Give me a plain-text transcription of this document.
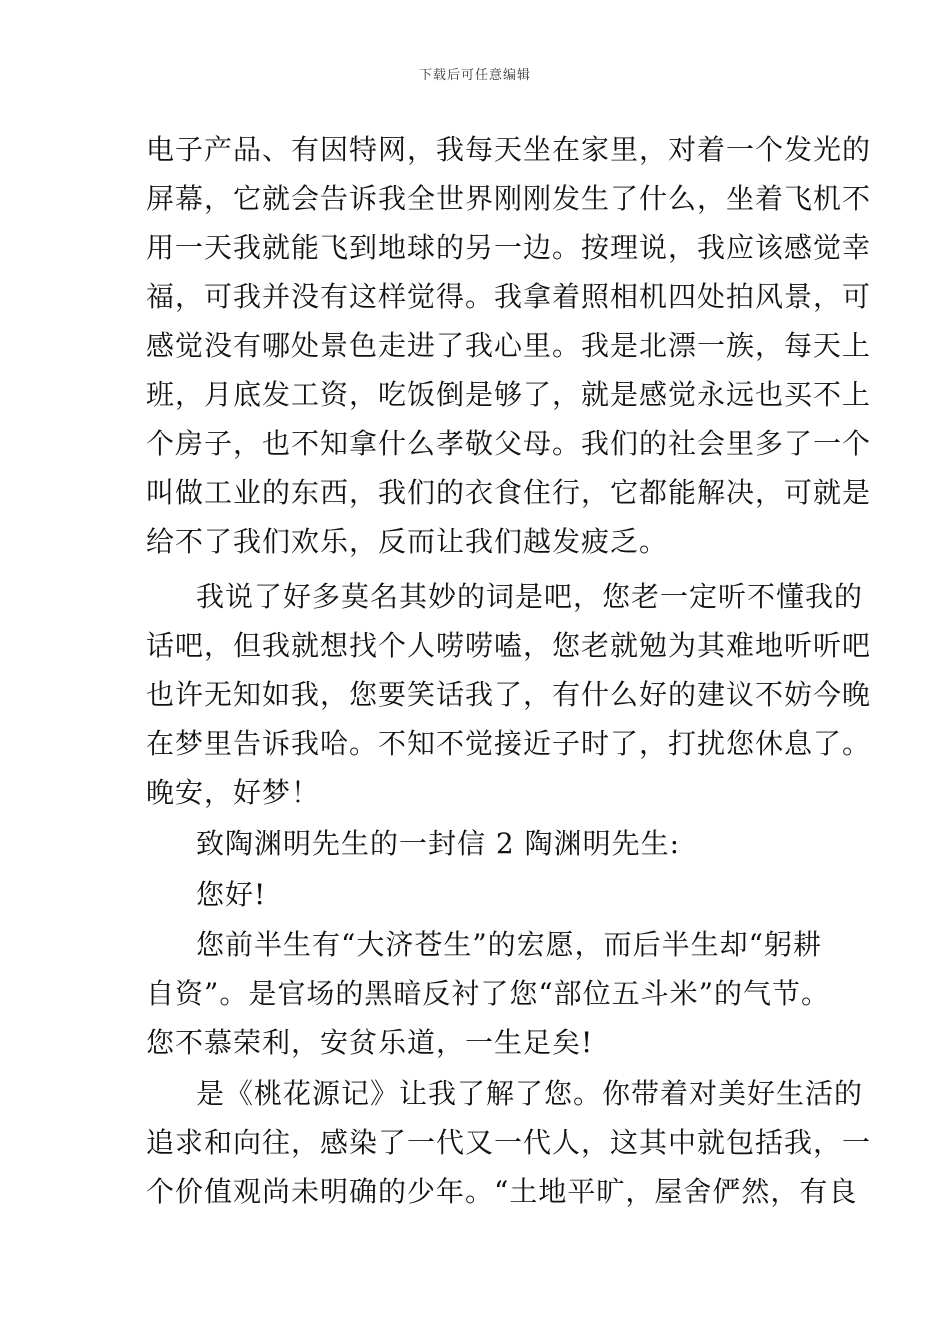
下载后可任意编辑

电子产品、有因特网，我每天坐在家里，对着一个发光的

屏幕，它就会告诉我全世界刚刚发生了什么，坐着飞机不

用一天我就能飞到地球的另一边。按理说，我应该感觉幸

福，可我并没有这样觉得。我拿着照相机四处拍风景，可

感觉没有哪处景色走进了我心里。我是北漂一族，每天上

班，月底发工资，吃饭倒是够了，就是感觉永远也买不上

个房子，也不知拿什么孝敬父母。我们的社会里多了一个

叫做工业的东西，我们的衣食住行，它都能解决，可就是

给不了我们欢乐，反而让我们越发疲乏。

我说了好多莫名其妙的词是吧，您老一定听不懂我的

话吧，但我就想找个人唠唠嗑，您老就勉为其难地听听吧

也许无知如我，您要笑话我了，有什么好的建议不妨今晚

在梦里告诉我哈。不知不觉接近子时了，打扰您休息了。

晚安，好梦！

致陶渊明先生的一封信 2 陶渊明先生:

您好!

您前半生有“大济苍生”的宏愿，而后半生却“躬耕

自资”。是官场的黑暗反衬了您“部位五斗米”的气节。

您不慕荣利，安贫乐道，一生足矣!

是《桃花源记》让我了解了您。你带着对美好生活的

追求和向往，感染了一代又一代人，这其中就包括我，一

个价值观尚未明确的少年。“土地平旷，屋舍俨然，有良
